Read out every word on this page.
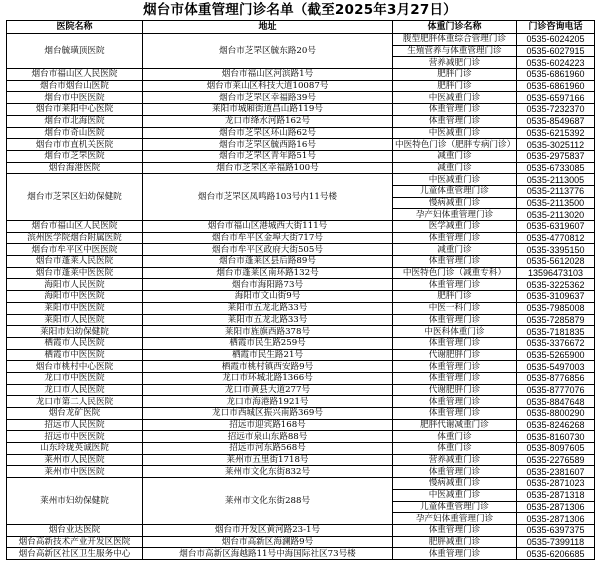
烟台市体重管理门诊名单（截至2025年3月27日）
医院名称	地址	体重门诊名称	门诊咨询电话
烟台毓璜顶医院	烟台市芝罘区毓东路20号	腹型肥胖体重综合管理门诊	0535-6024205
		生殖营养与体重管理门诊	0535-6027915
		营养减肥门诊	0535-6024223
烟台市福山区人民医院	烟台市福山区河滨路1号	肥胖门诊	0535-6861960
烟台市烟台山医院	烟台市莱山区科技大道10087号	肥胖门诊	0535-6861960
烟台市中医医院	烟台市芝罘区幸福路39号	中医减重门诊	0535-6597166
烟台市莱阳中心医院	莱阳市城厢街道昌山路119号	体重管理门诊	0535-7232370
烟台市北海医院	龙口市绛水河路162号	体重管理门诊	0535-8549687
烟台市奇山医院	烟台市芝罘区环山路62号	中医减重门诊	0535-6215392
烟台市市直机关医院	烟台市芝罘区毓西路16号	中医特色门诊（肥胖专病门诊）	0535-3025112
烟台市芝罘医院	烟台市芝罘区青年路51号	减重门诊	0535-2975837
烟台海港医院	烟台市芝罘区幸福路100号	减重门诊	0535-6733085
烟台市芝罘区妇幼保健院	烟台市芝罘区凤鸣路103号内11号楼	中医减重门诊	0535-2113005
		儿童体重管理门诊	0535-2113776
		慢病减重门诊	0535-2113500
		孕产妇体重管理门诊	0535-2113020
烟台市福山区人民医院	烟台市福山区港城西大街111号	医学减重门诊	0535-6319607
滨州医学院烟台附属医院	烟台市牟平区金埠大街717号	体重管理门诊	0535-4770812
烟台市牟平区中医医院	烟台市牟平区政府大街505号	减重门诊	0535-3395150
烟台市蓬莱人民医院	烟台市蓬莱区县后路89号	体重管理门诊	0535-5612028
烟台市蓬莱中医医院	烟台市蓬莱区南环路132号	中医特色门诊（减重专科）	13596473103
海阳市人民医院	烟台市海阳路73号	体重管理门诊	0535-3225362
海阳市中医医院	海阳市文山街9号	肥胖门诊	0535-3109637
莱阳市中医医院	莱阳市五龙北路33号	中医一科门诊	0535-7985008
莱阳市人民医院	莱阳市五龙北路33号	体重管理门诊	0535-7285879
莱阳市妇幼保健院	莱阳市旌旗西路378号	中医科体重门诊	0535-7181835
栖霞市人民医院	栖霞市民生路259号	体重管理门诊	0535-3376672
栖霞市中医医院	栖霞市民生路21号	代谢肥胖门诊	0535-5265900
烟台市桃村中心医院	栖霞市桃村镇西安路9号	体重管理门诊	0535-5497003
龙口市中医医院	龙口市环城北路1366号	体重管理门诊	0535-8776856
龙口市人民医院	龙口市黄县大道277号	代谢肥胖门诊	0535-8777076
龙口市第二人民医院	龙口市海港路1921号	体重管理门诊	0535-8847648
烟台龙矿医院	龙口市西城区振兴南路369号	体重管理门诊	0535-8800290
招远市人民医院	招远市迎宾路168号	肥胖代谢减重门诊	0535-8246268
招远市中医医院	招远市泉山东路88号	体重门诊	0535-8160730
山东玲珑英诚医院	招远市河东路568号	体重门诊	0535-8097605
莱州市人民医院	莱州市五里街1718号	营养减重门诊	0535-2276589
莱州市中医医院	莱州市文化东街832号	体重管理门诊	0535-2381607
莱州市妇幼保健院	莱州市文化东街288号	慢病减重门诊	0535-2871023
		中医减重门诊	0535-2871318
		儿童体重管理门诊	0535-2871306
		孕产妇体重管理门诊	0535-2871306
烟台业达医院	烟台市开发区黄河路23-1号	体重管理门诊	0535-6397375
烟台高新技术产业开发区医院	烟台市高新区海澜路9号	肥胖减重门诊	0535-7399118
烟台高新区社区卫生服务中心	烟台市高新区海越路11号中海国际社区73号楼	体重管理门诊	0535-6206685
